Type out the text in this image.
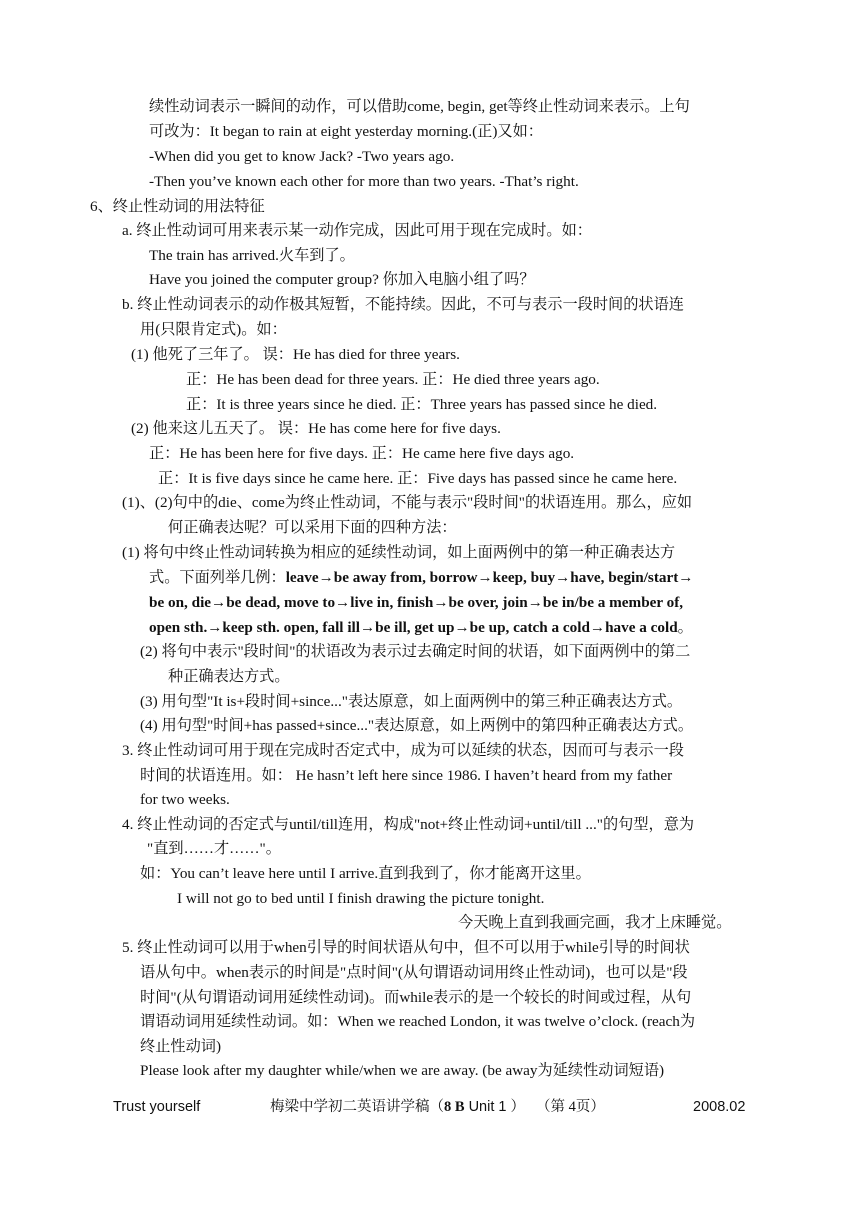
续性动词表示一瞬间的动作，可以借助come, begin, get等终止性动词来表示。上句
可改为：It began to rain at eight yesterday morning.(正)又如：
-When did you get to know Jack? -Two years ago.
-Then you’ve known each other for more than two years. -That’s right.
6、终止性动词的用法特征
a. 终止性动词可用来表示某一动作完成，因此可用于现在完成时。如：
The train has arrived.火车到了。
Have you joined the computer group? 你加入电脑小组了吗？
b. 终止性动词表示的动作极其短暂，不能持续。因此，不可与表示一段时间的状语连
用(只限肯定式)。如：
(1) 他死了三年了。 误：He has died for three years.
正：He has been dead for three years. 正：He died three years ago.
正：It is three years since he died. 正：Three years has passed since he died.
(2) 他来这儿五天了。 误：He has come here for five days.
正：He has been here for five days. 正：He came here five days ago.
正：It is five days since he came here. 正：Five days has passed since he came here.
(1)、(2)句中的die、come为终止性动词，不能与表示"段时间"的状语连用。那么，应如
何正确表达呢？可以采用下面的四种方法：
(1) 将句中终止性动词转换为相应的延续性动词，如上面两例中的第一种正确表达方
式。下面列举几例：leave→be away from, borrow→keep, buy→have, begin/start→
be on, die→be dead, move to→live in, finish→be over, join→be in/be a member of,
open sth.→keep sth. open, fall ill→be ill, get up→be up, catch a cold→have a cold。
(2) 将句中表示"段时间"的状语改为表示过去确定时间的状语，如下面两例中的第二
种正确表达方式。
(3) 用句型"It is+段时间+since..."表达原意，如上面两例中的第三种正确表达方式。
(4) 用句型"时间+has passed+since..."表达原意，如上两例中的第四种正确表达方式。
3. 终止性动词可用于现在完成时否定式中，成为可以延续的状态，因而可与表示一段
时间的状语连用。如： He hasn’t left here since 1986. I haven’t heard from my father
for two weeks.
4. 终止性动词的否定式与until/till连用，构成"not+终止性动词+until/till ..."的句型，意为
"直到……才……"。
如：You can’t leave here until I arrive.直到我到了，你才能离开这里。
I will not go to bed until I finish drawing the picture tonight.
今天晚上直到我画完画，我才上床睡觉。
5. 终止性动词可以用于when引导的时间状语从句中，但不可以用于while引导的时间状
语从句中。when表示的时间是"点时间"(从句谓语动词用终止性动词)，也可以是"段
时间"(从句谓语动词用延续性动词)。而while表示的是一个较长的时间或过程，从句
谓语动词用延续性动词。如：When we reached London, it was twelve o’clock. (reach为
终止性动词)
Please look after my daughter while/when we are away. (be away为延续性动词短语)
Trust yourself	梅梁中学初二英语讲学稿（8 B Unit 1 ） （第 4页）	2008.02
